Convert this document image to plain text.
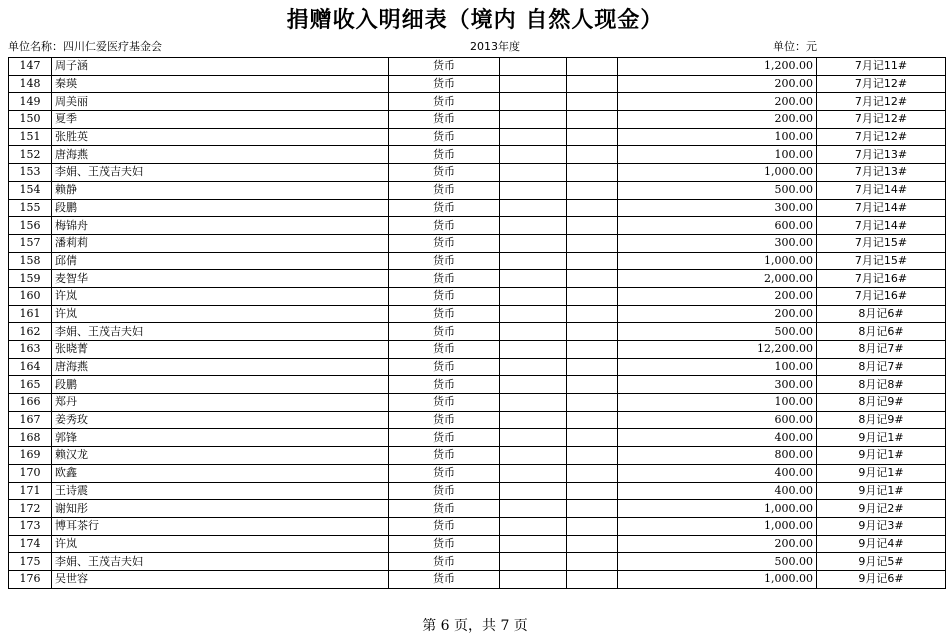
捐赠收入明细表（境内 自然人现金）
单位名称：四川仁爱医疗基金会	2013年度	单位：元
147	周子涵	货币			1,200.00	7月记11#
148	秦瑛	货币			200.00	7月记12#
149	周美丽	货币			200.00	7月记12#
150	夏季	货币			200.00	7月记12#
151	张胜英	货币			100.00	7月记12#
152	唐海燕	货币			100.00	7月记13#
153	李娟、王茂吉夫妇	货币			1,000.00	7月记13#
154	赖静	货币			500.00	7月记14#
155	段鹏	货币			300.00	7月记14#
156	梅锦舟	货币			600.00	7月记14#
157	潘莉莉	货币			300.00	7月记15#
158	邱倩	货币			1,000.00	7月记15#
159	麦智华	货币			2,000.00	7月记16#
160	许岚	货币			200.00	7月记16#
161	许岚	货币			200.00	8月记6#
162	李娟、王茂吉夫妇	货币			500.00	8月记6#
163	张晓菁	货币			12,200.00	8月记7#
164	唐海燕	货币			100.00	8月记7#
165	段鹏	货币			300.00	8月记8#
166	郑丹	货币			100.00	8月记9#
167	姜秀玫	货币			600.00	8月记9#
168	郭锋	货币			400.00	9月记1#
169	赖汉龙	货币			800.00	9月记1#
170	欧鑫	货币			400.00	9月记1#
171	王诗震	货币			400.00	9月记1#
172	谢知彤	货币			1,000.00	9月记2#
173	博耳茶行	货币			1,000.00	9月记3#
174	许岚	货币			200.00	9月记4#
175	李娟、王茂吉夫妇	货币			500.00	9月记5#
176	吴世容	货币			1,000.00	9月记6#
第 6 页，共 7 页
